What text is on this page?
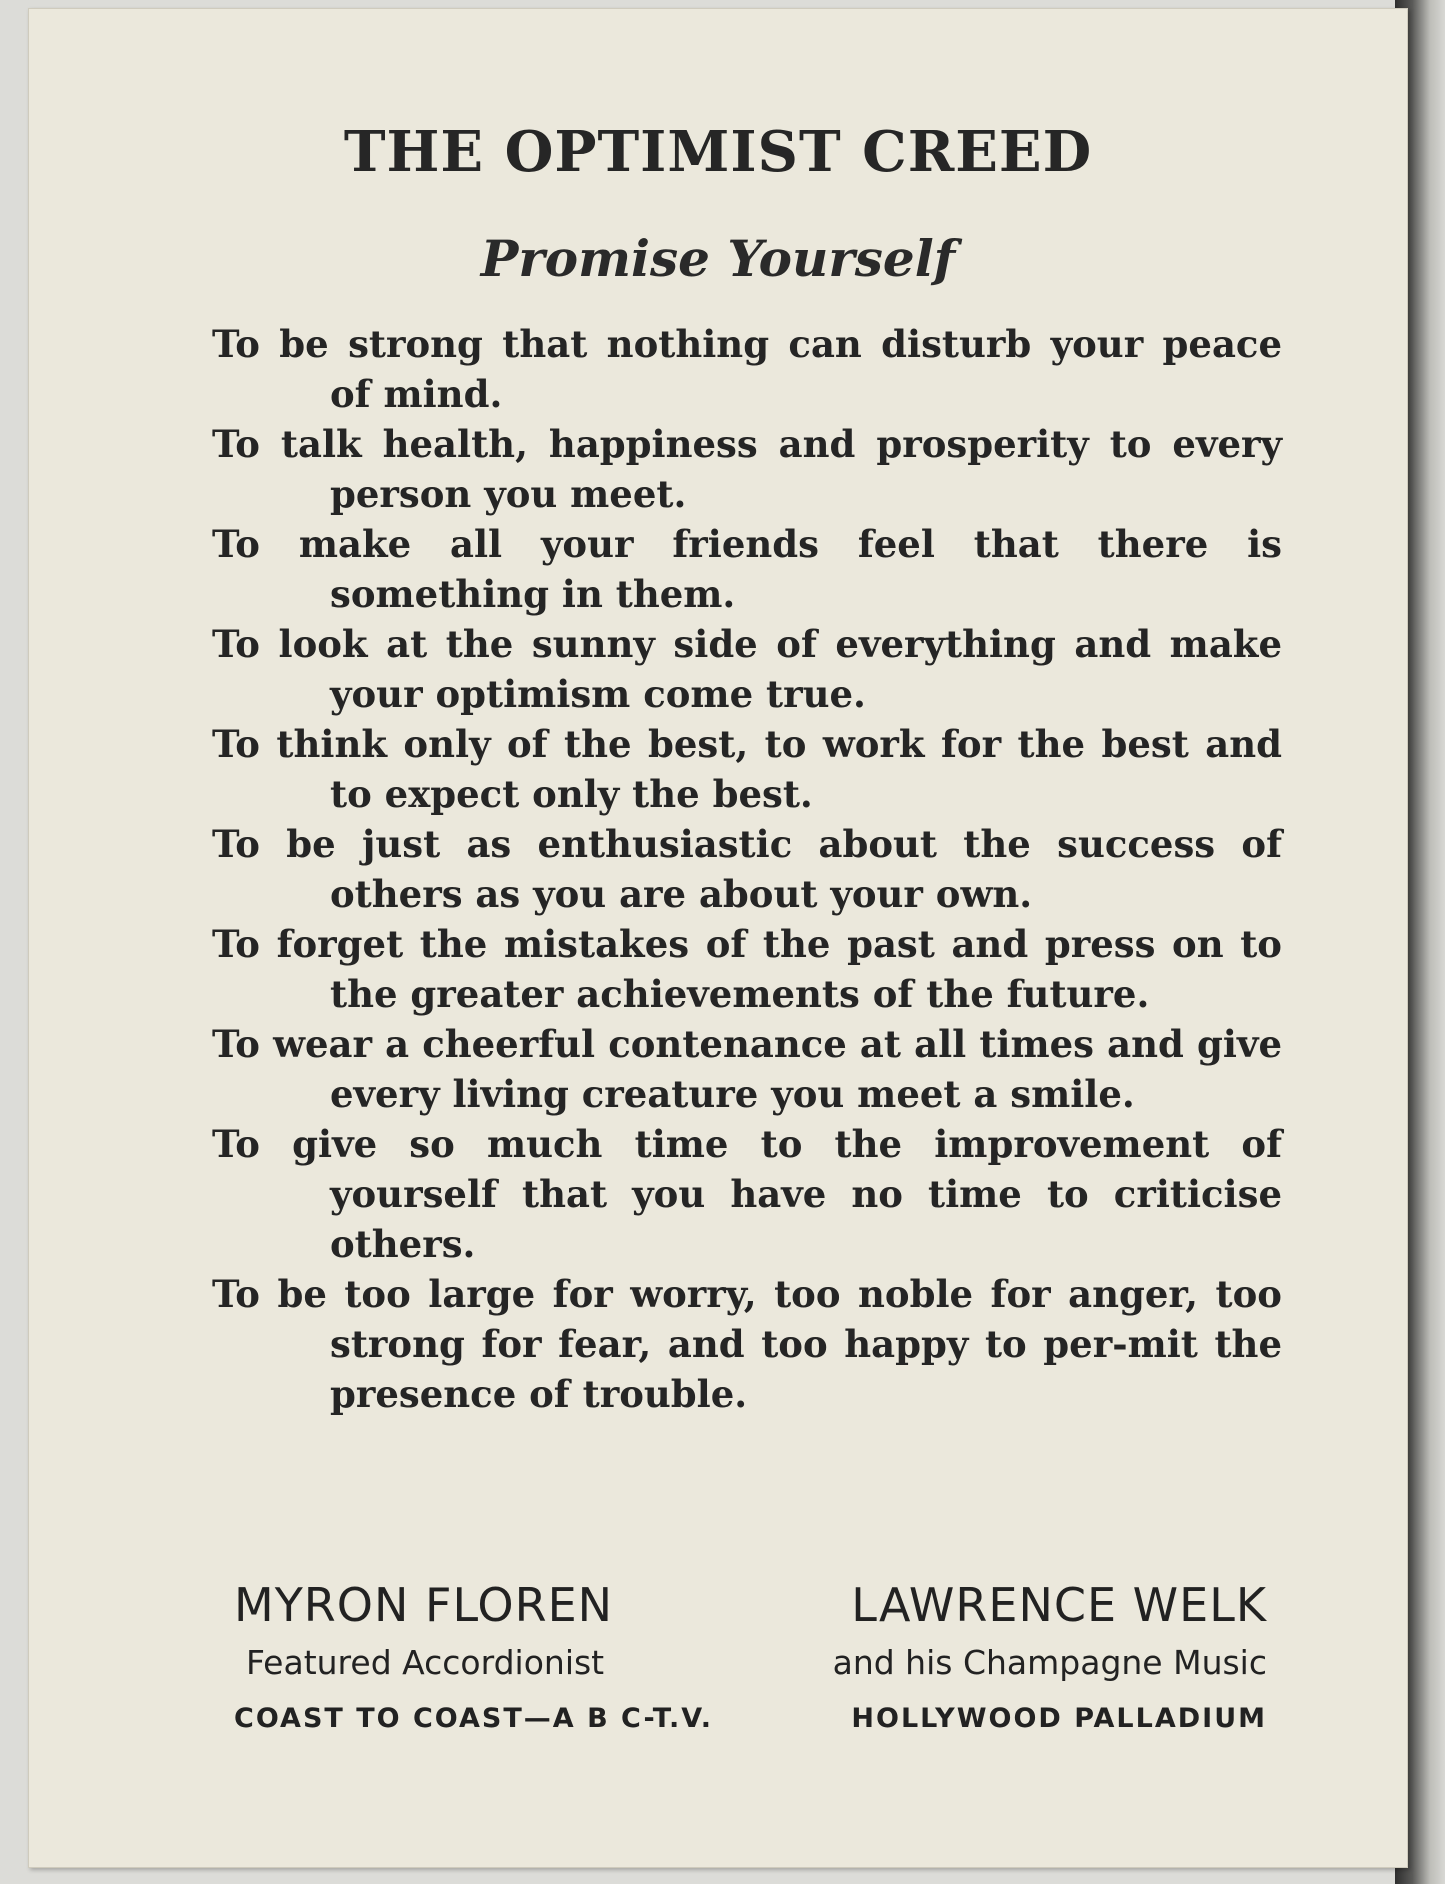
THE OPTIMIST CREED
Promise Yourself
To be strong that nothing can disturb your peace of mind.
To talk health, happiness and prosperity to every person you meet.
To make all your friends feel that there is something in them.
To look at the sunny side of everything and make your optimism come true.
To think only of the best, to work for the best and to expect only the best.
To be just as enthusiastic about the success of others as you are about your own.
To forget the mistakes of the past and press on to the greater achievements of the future.
To wear a cheerful contenance at all times and give every living creature you meet a smile.
To give so much time to the improvement of yourself that you have no time to criticise others.
To be too large for worry, too noble for anger, too strong for fear, and too happy to per-mit the presence of trouble.
MYRON FLOREN
Featured Accordionist
COAST TO COAST—A B C-T.V.
LAWRENCE WELK
and his Champagne Music
HOLLYWOOD PALLADIUM
